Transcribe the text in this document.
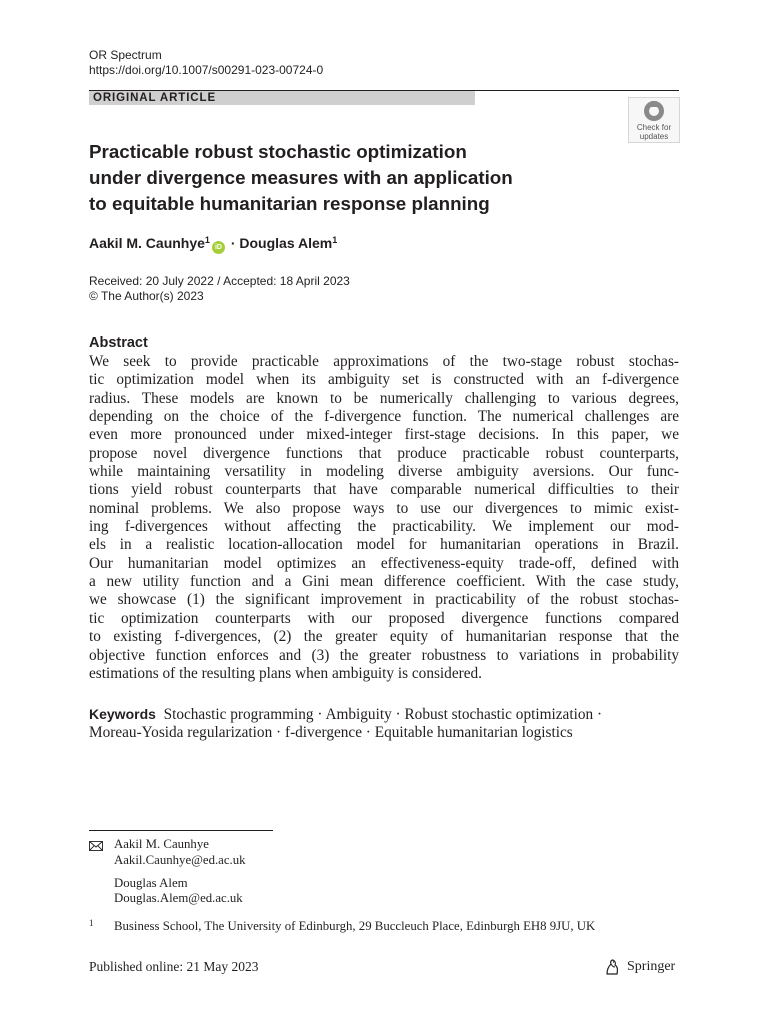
OR Spectrum
https://doi.org/10.1007/s00291-023-00724-0
ORIGINAL ARTICLE
Check for
updates
Practicable robust stochastic optimization
under divergence measures with an application
to equitable humanitarian response planning
Aakil M. Caunhye$^1$iD · Douglas Alem$^1$
Received: 20 July 2022 / Accepted: 18 April 2023
© The Author(s) 2023
Abstract
We seek to provide practicable approximations of the two-stage robust stochas-
tic optimization model when its ambiguity set is constructed with an f-divergence
radius. These models are known to be numerically challenging to various degrees,
depending on the choice of the f-divergence function. The numerical challenges are
even more pronounced under mixed-integer first-stage decisions. In this paper, we
propose novel divergence functions that produce practicable robust counterparts,
while maintaining versatility in modeling diverse ambiguity aversions. Our func-
tions yield robust counterparts that have comparable numerical difficulties to their
nominal problems. We also propose ways to use our divergences to mimic exist-
ing f-divergences without affecting the practicability. We implement our mod-
els in a realistic location-allocation model for humanitarian operations in Brazil.
Our humanitarian model optimizes an effectiveness-equity trade-off, defined with
a new utility function and a Gini mean difference coefficient. With the case study,
we showcase (1) the significant improvement in practicability of the robust stochas-
tic optimization counterparts with our proposed divergence functions compared
to existing f-divergences, (2) the greater equity of humanitarian response that the
objective function enforces and (3) the greater robustness to variations in probability
estimations of the resulting plans when ambiguity is considered.
Keywords Stochastic programming · Ambiguity · Robust stochastic optimization ·
Moreau-Yosida regularization · f-divergence · Equitable humanitarian logistics
Aakil M. Caunhye
Aakil.Caunhye@ed.ac.uk
Douglas Alem
Douglas.Alem@ed.ac.uk
1 Business School, The University of Edinburgh, 29 Buccleuch Place, Edinburgh EH8 9JU, UK
Published online: 21 May 2023	Springer
